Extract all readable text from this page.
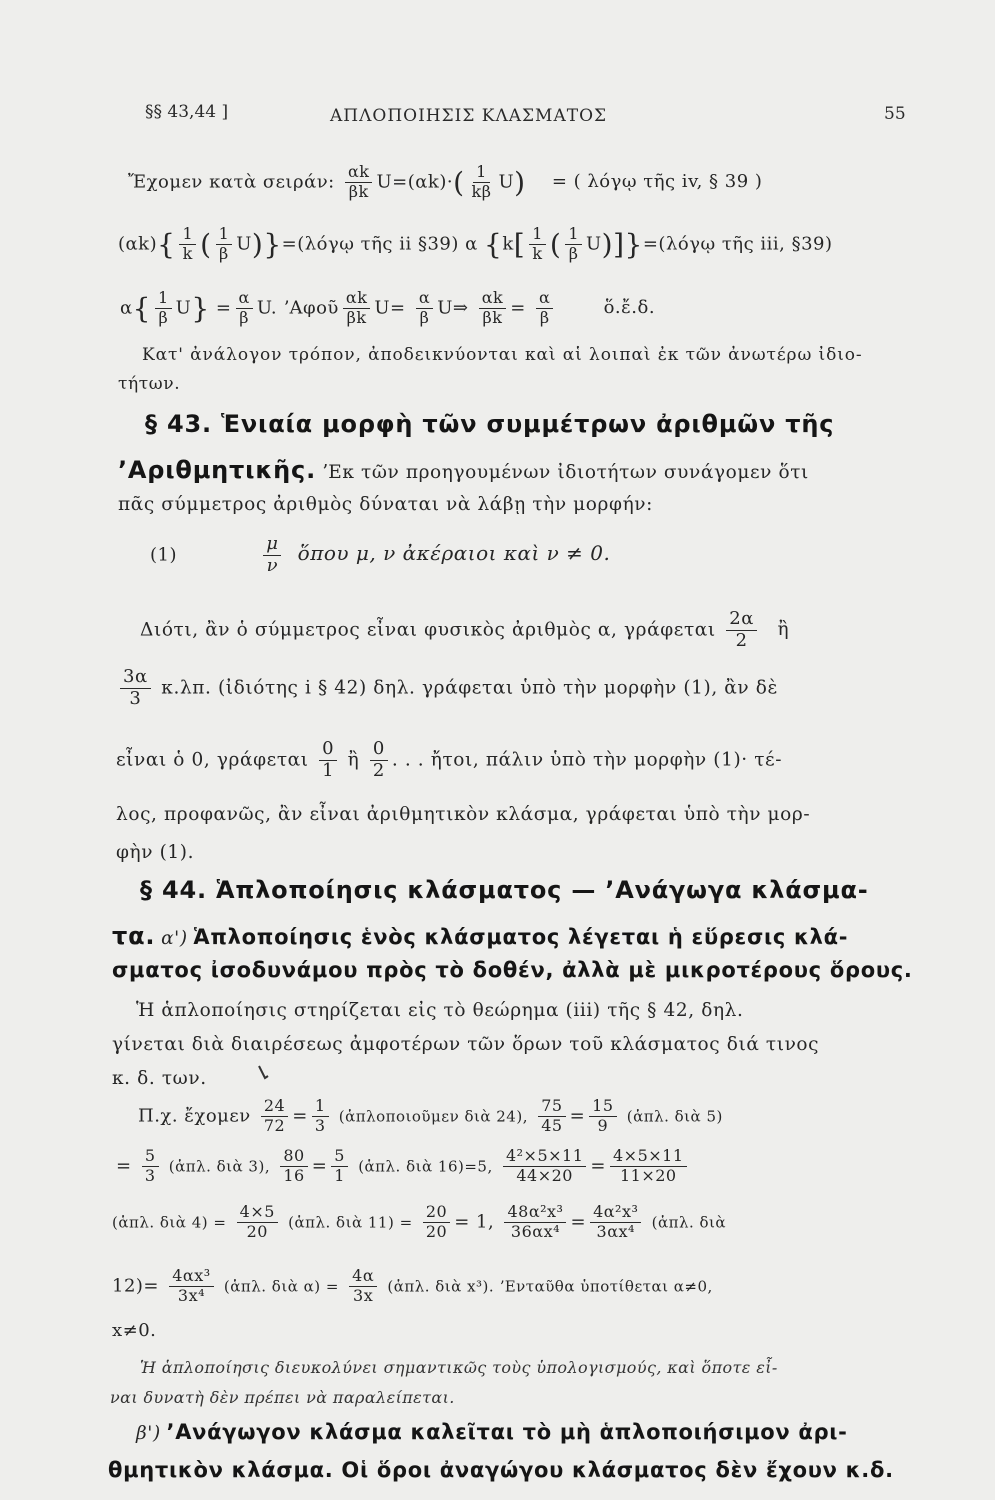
§§ 43,44 ]	ΑΠΛΟΠΟΙΗΣΙΣ ΚΛΑΣΜΑΤΟΣ	55
Ἔχομεν κατὰ σειράν: $\frac{\alpha k}{\beta k} U=(\alpha k)\cdot( \frac{1}{k\beta} U)$ = ( λόγῳ τῆς iv, § 39 )
$(\alpha k)\{ \frac{1}{k}$ ( $\frac{1}{\beta}$ U)}=(λόγῳ τῆς ii §39) α {$k[ \frac{1}{k}$ ( $\frac{1}{\beta}$ U)]}=(λόγῳ τῆς iii, §39)
$\alpha\{ \frac{1}{\beta} U\} = \frac{\alpha}{\beta} U$. ʼΑφοῦ $\frac{\alpha k}{\beta k} U= \frac{\alpha}{\beta}$ U⇒ $\frac{\alpha k}{\beta k} = \frac{\alpha}{\beta}$	ὅ.ἔ.δ.
Κατ' ἀνάλογον τρόπον, ἀποδεικνύονται καὶ αἱ λοιπαὶ ἐκ τῶν ἀνωτέρω ἰδιο-
τήτων.
§ 43. Ἑνιαία μορφὴ τῶν συμμέτρων ἀριθμῶν τῆς
ʼΑριθμητικῆς. ʼΕκ τῶν προηγουμένων ἰδιοτήτων συνάγομεν ὅτι
πᾶς σύμμετρος ἀριθμὸς δύναται νὰ λάβῃ τὴν μορφήν:
(1)	$\frac{\mu}{\nu}$ ὅπου μ, ν ἀκέραιοι καὶ ν ≠ 0.
Διότι, ἂν ὁ σύμμετρος εἶναι φυσικὸς ἀριθμὸς α, γράφεται $\frac{2\alpha}{2}$ ἢ
$\frac{3\alpha}{3} \kappa.\lambda\pi$. (ἰδιότης i § 42) δηλ. γράφεται ὑπὸ τὴν μορφὴν (1), ἂν δὲ
εἶναι ὁ 0, γράφεται $\frac{0}{1}$ ἢ $\frac{0}{2}$ . . . ἤτοι, πάλιν ὑπὸ τὴν μορφὴν (1)· τέ-
λος, προφανῶς, ἂν εἶναι ἀριθμητικὸν κλάσμα, γράφεται ὑπὸ τὴν μορ-
φὴν (1).
§ 44. Ἁπλοποίησις κλάσματος — ʼΑνάγωγα κλάσμα-
τα. α') Ἁπλοποίησις ἑνὸς κλάσματος λέγεται ἡ εὕρεσις κλά-
σματος ἰσοδυνάμου πρὸς τὸ δοθέν, ἀλλὰ μὲ μικροτέρους ὅρους.
Ἡ ἁπλοποίησις στηρίζεται εἰς τὸ θεώρημα (iii) τῆς § 42, δηλ.
γίνεται διὰ διαιρέσεως ἀμφοτέρων τῶν ὅρων τοῦ κλάσματος διά τινος
κ. δ. των.
Π.χ. ἔχομεν $\frac{24}{72} = \frac{1}{3}$ (ἁπλοποιοῦμεν διὰ 24), $\frac{75}{45} = \frac{15}{9}$ (ἁπλ. διὰ 5)
= $\frac{5}{3}$ (ἁπλ. διὰ 3), $\frac{80}{16} = \frac{5}{1}$ (ἁπλ. διὰ 16)=5, $\frac{\text{4²×5×11}}{44\times 20} = \frac{4\times 5\times 11}{11\times 20}$
(ἁπλ. διὰ $4) = \frac{4\times 5}{20}$ (ἁπλ. διὰ $11) = \frac{20}{20} = 1$, $\frac{\text{48α²x³}}{\text{36αx⁴}} = \frac{\text{4α²x³}}{\text{3αx⁴}}$ (ἁπλ. διὰ
$12)= \frac{\text{4αx³}}{\text{3x⁴}}$ (ἁπλ. διὰ $\alpha) = \frac{4\alpha}{3x}$ (ἁπλ. διὰ x³). ʼΕνταῦθα ὑποτίθεται α≠0,
x≠0.
Ἡ ἁπλοποίησις διευκολύνει σημαντικῶς τοὺς ὑπολογισμούς, καὶ ὅποτε εἶ-
ναι δυνατὴ δὲν πρέπει νὰ παραλείπεται.
β') ʼΑνάγωγον κλάσμα καλεῖται τὸ μὴ ἁπλοποιήσιμον ἀρι-
θμητικὸν κλάσμα. Οἱ ὅροι ἀναγώγου κλάσματος δὲν ἔχουν κ.δ.
